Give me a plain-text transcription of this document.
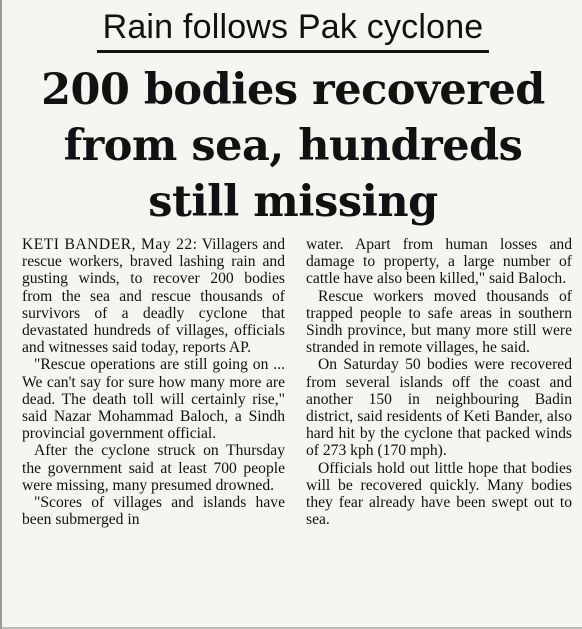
Rain follows Pak cyclone
200 bodies recovered from sea, hundreds still missing

KETI BANDER, May 22: Villagers and rescue workers, braved lashing rain and gusting winds, to recover 200 bodies from the sea and rescue thousands of survivors of a deadly cyclone that devastated hundreds of villages, officials and witnesses said today, reports AP.

"Rescue operations are still going on ... We can't say for sure how many more are dead. The death toll will certainly rise," said Nazar Mohammad Baloch, a Sindh provincial government official.

After the cyclone struck on Thursday the government said at least 700 people were missing, many presumed drowned.

"Scores of villages and islands have been submerged in

water. Apart from human losses and damage to property, a large number of cattle have also been killed," said Baloch.

Rescue workers moved thousands of trapped people to safe areas in southern Sindh province, but many more still were stranded in remote villages, he said.

On Saturday 50 bodies were recovered from several islands off the coast and another 150 in neighbouring Badin district, said residents of Keti Bander, also hard hit by the cyclone that packed winds of 273 kph (170 mph).

Officials hold out little hope that bodies will be recovered quickly. Many bodies they fear already have been swept out to sea.
